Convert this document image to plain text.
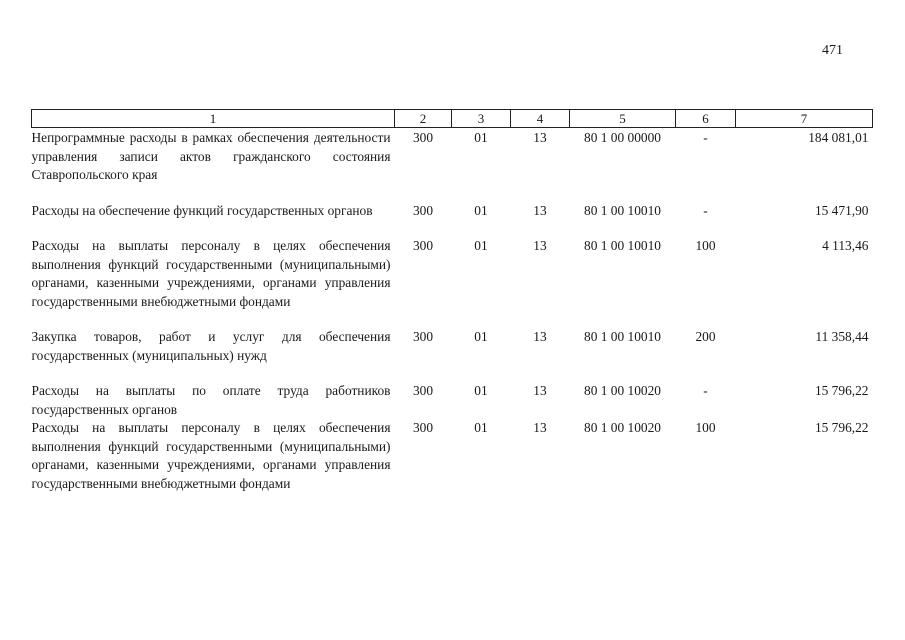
471
1	2	3	4	5	6	7
Непрограммные расходы в рамках обеспечения деятельности управления записи актов гражданского состояния Ставропольского края	300	01	13	80 1 00 00000	-	184 081,01
Расходы на обеспечение функций государственных органов	300	01	13	80 1 00 10010	-	15 471,90
Расходы на выплаты персоналу в целях обеспечения выполнения функций государственными (муниципальными) органами, казенными учреждениями, органами управления государственными внебюджетными фондами	300	01	13	80 1 00 10010	100	4 113,46
Закупка товаров, работ и услуг для обеспечения государственных (муниципальных) нужд	300	01	13	80 1 00 10010	200	11 358,44
Расходы на выплаты по оплате труда работников государственных органов	300	01	13	80 1 00 10020	-	15 796,22
Расходы на выплаты персоналу в целях обеспечения выполнения функций государственными (муниципальными) органами, казенными учреждениями, органами управления государственными внебюджетными фондами	300	01	13	80 1 00 10020	100	15 796,22
